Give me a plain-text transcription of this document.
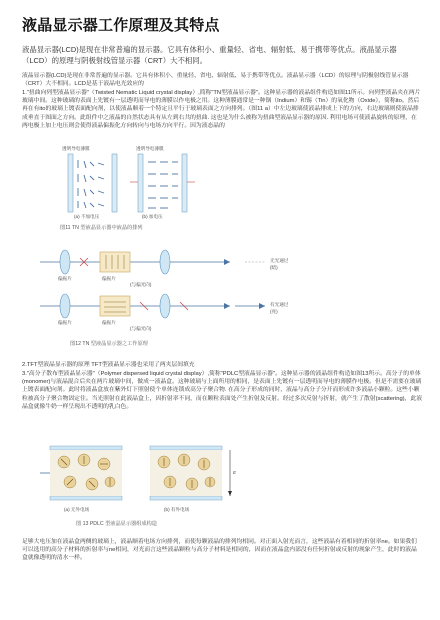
液晶显示器工作原理及其特点

液晶显示器(LCD)是现在非常普遍的显示器。它具有体积小、重量轻、省电、辐射低、易于携带等优点。液晶显示器（LCD）的原理与阴极射线管显示器（CRT）大不相同。

液晶显示器(LCD)是现在非常普遍的显示器。它具有体积小、重量轻、省电、辐射低、易于携带等优点。液晶显示器（LCD）的原理与阴极射线管显示器（CRT）大不相同。LCD是基于液晶电光效应的

1."扭曲向列型液晶显示器"（Twisted Nematic Liquid crystal display）,简称"TN型液晶显示器"。这种显示器的液晶组件构造如图11所示。向列型液晶夹在两片玻璃中间。这种玻璃的表面上先镀有一层透明而导电的薄膜以作电极之用。这种薄膜通常是一种铟（Indium）和锡（Tin）的氧化物（Oxide），简称ito。然后再在有ito的玻璃上镀表面配向剂，以使液晶顺着一个特定且平行于玻璃表面之方向排列。（图11 a）中左边玻璃使液晶排成上下的方向，右边玻璃则使液晶排成垂直于图面之方向。此组件中之液晶的自然状态具有从左到右共的扭曲. 这也是为什么被称为扭曲型液晶显示器的原因. 利用电场可使液晶旋转的原理，在两电极上加上电压则会使得液晶偏振化方向转向与电场方向平行。因为液态晶的

透明导电薄膜	透明导电薄膜
(a) 不加电压	(b) 加电压
图11 TN 型液晶显示器中液晶的排列
偏振片	偏振片
(与偏光向)
无光通过
(暗)
偏振片	偏振片
(与偏光向)
有光通过
(亮)
图12 TN 型液晶显示器之工作原理

2.TFT型液晶显示器的原理 TFT型液晶显示器也采用了两夹层间填充

3."高分子散布型液晶显示器"（Polymer dispersed liquid crystal display）,简称"PDLC型液晶显示器"。这种显示器的液晶组件构造如图13所示。高分子的单体(monomer)与液晶混合后夹在两片玻璃中间，做成一液晶盒。这种玻璃与上面所用的相同，是表面上先镀有一层透明而导电的薄膜作电极。但是不需要在玻璃上镀表面配向剂。此时将液晶盒放在紫外灯下照射使个单体连锁成高分子聚合物. 在高分子形成的同时，液晶与高分子分开而形成许多液晶小颗粒。这些小颗粒被高分子聚合物固定住。当光照射在此液晶盒上，因折射率不同，而在颗粒表面处产生折射及反射。经过多次反射与折射，就产生了散射(scattering)，此液晶盒就像牛奶一样呈现出不透明的乳白色。

E
(a) 无外电场	(b) 有外电场
图 13 PDLC 型液晶显示器组成构造

足够大电压加在液晶盒两侧的玻璃上，液晶顺着电场方向排列，而使每颗液晶的排列均相同。对正面入射光而言，这些液晶有着相同的折射率ne。如果我们可以选用的高分子材料的折射率与ne相同，对光而言这些液晶颗粒与高分子材料是相同的，因而在液晶盒内部没有任何折射或反射的现象产生，此时的液晶盒就像透明的清水一样。
